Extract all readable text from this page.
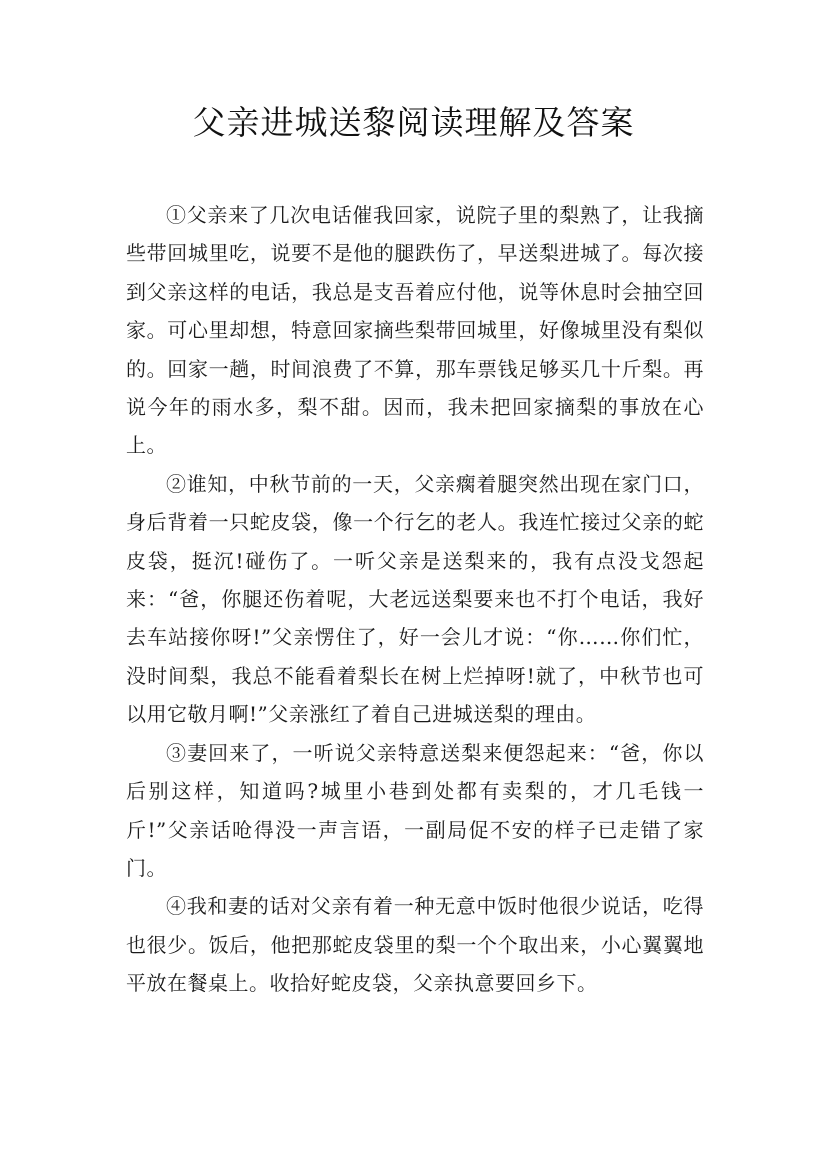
父亲进城送黎阅读理解及答案

①父亲来了几次电话催我回家，说院子里的梨熟了，让我摘些带回城里吃，说要不是他的腿跌伤了，早送梨进城了。每次接到父亲这样的电话，我总是支吾着应付他，说等休息时会抽空回家。可心里却想，特意回家摘些梨带回城里，好像城里没有梨似的。回家一趟，时间浪费了不算，那车票钱足够买几十斤梨。再说今年的雨水多，梨不甜。因而，我未把回家摘梨的事放在心上。

②谁知，中秋节前的一天，父亲瘸着腿突然出现在家门口，身后背着一只蛇皮袋，像一个行乞的老人。我连忙接过父亲的蛇皮袋，挺沉!碰伤了。一听父亲是送梨来的，我有点没戈怨起来：“爸，你腿还伤着呢，大老远送梨要来也不打个电话，我好去车站接你呀!”父亲愣住了，好一会儿才说：“你……你们忙，没时间梨，我总不能看着梨长在树上烂掉呀!就了，中秋节也可以用它敬月啊!”父亲涨红了着自己进城送梨的理由。

③妻回来了，一听说父亲特意送梨来便怨起来：“爸，你以后别这样，知道吗?城里小巷到处都有卖梨的，才几毛钱一斤!”父亲话呛得没一声言语，一副局促不安的样子已走错了家门。

④我和妻的话对父亲有着一种无意中饭时他很少说话，吃得也很少。饭后，他把那蛇皮袋里的梨一个个取出来，小心翼翼地平放在餐桌上。收拾好蛇皮袋，父亲执意要回乡下。
